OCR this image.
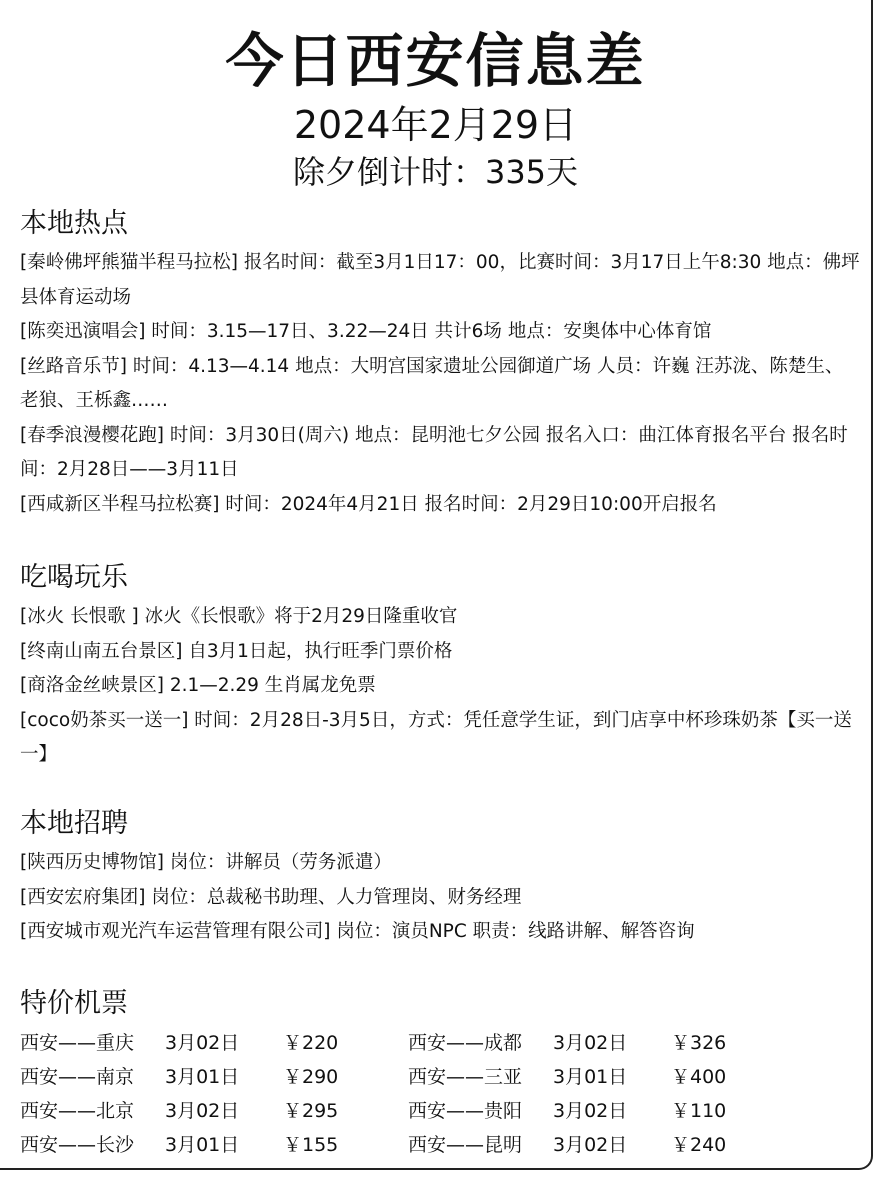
今日西安信息差
2024年2月29日
除夕倒计时：335天
本地热点

[秦岭佛坪熊猫半程马拉松] 报名时间：截至3月1日17：00，比赛时间：3月17日上午8:30 地点：佛坪县体育运动场

[陈奕迅演唱会] 时间：3.15—17日、3.22—24日 共计6场 地点：安奥体中心体育馆

[丝路音乐节] 时间：4.13—4.14 地点：大明宫国家遗址公园御道广场 人员：许巍 汪苏泷、陈楚生、老狼、王栎鑫……

[春季浪漫樱花跑] 时间：3月30日(周六) 地点：昆明池七夕公园 报名入口：曲江体育报名平台 报名时间：2月28日——3月11日

[西咸新区半程马拉松赛] 时间：2024年4月21日 报名时间：2月29日10:00开启报名

吃喝玩乐

[冰火 长恨歌 ] 冰火《长恨歌》将于2月29日隆重收官

[终南山南五台景区] 自3月1日起，执行旺季门票价格

[商洛金丝峡景区] 2.1—2.29 生肖属龙免票

[coco奶茶买一送一] 时间：2月28日-3月5日，方式：凭任意学生证，到门店享中杯珍珠奶茶【买一送一】

本地招聘

[陕西历史博物馆] 岗位：讲解员（劳务派遣）

[西安宏府集团] 岗位：总裁秘书助理、人力管理岗、财务经理

[西安城市观光汽车运营管理有限公司] 岗位：演员NPC 职责：线路讲解、解答咨询

特价机票
西安——重庆	3月02日	￥220	西安——成都	3月02日	￥326
西安——南京	3月01日	￥290	西安——三亚	3月01日	￥400
西安——北京	3月02日	￥295	西安——贵阳	3月02日	￥110
西安——长沙	3月01日	￥155	西安——昆明	3月02日	￥240
